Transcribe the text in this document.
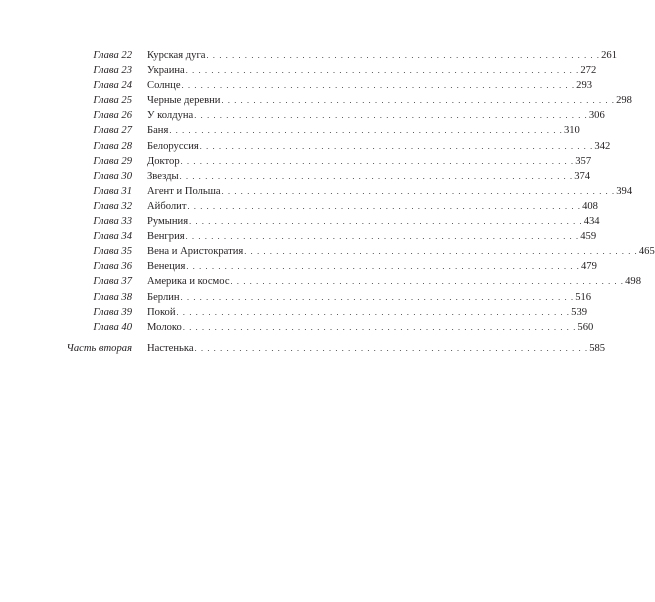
Глава 22 Курская дуга . . . . . . . . . . . . . . . . . . . . . . . . . . . . . . . . . . . . . . . . . . . . . . . . . . . . . . . . . . . . . . 261
Глава 23 Украина . . . . . . . . . . . . . . . . . . . . . . . . . . . . . . . . . . . . . . . . . . . . . . . . . . . . . . . . . . . . . . 272
Глава 24 Солнце . . . . . . . . . . . . . . . . . . . . . . . . . . . . . . . . . . . . . . . . . . . . . . . . . . . . . . . . . . . . . . 293
Глава 25 Черные деревни . . . . . . . . . . . . . . . . . . . . . . . . . . . . . . . . . . . . . . . . . . . . . . . . . . . . . . . . . . . . . . 298
Глава 26 У колдуна . . . . . . . . . . . . . . . . . . . . . . . . . . . . . . . . . . . . . . . . . . . . . . . . . . . . . . . . . . . . . . 306
Глава 27 Баня . . . . . . . . . . . . . . . . . . . . . . . . . . . . . . . . . . . . . . . . . . . . . . . . . . . . . . . . . . . . . . 310
Глава 28 Белоруссия . . . . . . . . . . . . . . . . . . . . . . . . . . . . . . . . . . . . . . . . . . . . . . . . . . . . . . . . . . . . . . 342
Глава 29 Доктор . . . . . . . . . . . . . . . . . . . . . . . . . . . . . . . . . . . . . . . . . . . . . . . . . . . . . . . . . . . . . . 357
Глава 30 Звезды . . . . . . . . . . . . . . . . . . . . . . . . . . . . . . . . . . . . . . . . . . . . . . . . . . . . . . . . . . . . . . 374
Глава 31 Агент и Польша . . . . . . . . . . . . . . . . . . . . . . . . . . . . . . . . . . . . . . . . . . . . . . . . . . . . . . . . . . . . . . 394
Глава 32 Айболит . . . . . . . . . . . . . . . . . . . . . . . . . . . . . . . . . . . . . . . . . . . . . . . . . . . . . . . . . . . . . . 408
Глава 33 Румыния . . . . . . . . . . . . . . . . . . . . . . . . . . . . . . . . . . . . . . . . . . . . . . . . . . . . . . . . . . . . . . 434
Глава 34 Венгрия . . . . . . . . . . . . . . . . . . . . . . . . . . . . . . . . . . . . . . . . . . . . . . . . . . . . . . . . . . . . . . 459
Глава 35 Вена и Аристократия . . . . . . . . . . . . . . . . . . . . . . . . . . . . . . . . . . . . . . . . . . . . . . . . . . . . . . . . . . . . . . 465
Глава 36 Венеция . . . . . . . . . . . . . . . . . . . . . . . . . . . . . . . . . . . . . . . . . . . . . . . . . . . . . . . . . . . . . . 479
Глава 37 Америка и космос . . . . . . . . . . . . . . . . . . . . . . . . . . . . . . . . . . . . . . . . . . . . . . . . . . . . . . . . . . . . . . 498
Глава 38 Берлин . . . . . . . . . . . . . . . . . . . . . . . . . . . . . . . . . . . . . . . . . . . . . . . . . . . . . . . . . . . . . . 516
Глава 39 Покой . . . . . . . . . . . . . . . . . . . . . . . . . . . . . . . . . . . . . . . . . . . . . . . . . . . . . . . . . . . . . . 539
Глава 40 Молоко . . . . . . . . . . . . . . . . . . . . . . . . . . . . . . . . . . . . . . . . . . . . . . . . . . . . . . . . . . . . . . 560
Часть вторая Настенька . . . . . . . . . . . . . . . . . . . . . . . . . . . . . . . . . . . . . . . . . . . . . . . . . . . . . . . . . . . . . . 585
